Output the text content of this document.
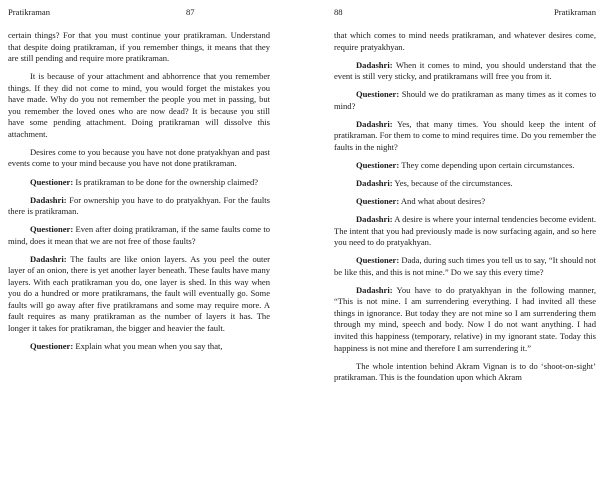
Pratikraman	87

certain things? For that you must continue your pratikraman. Understand that despite doing pratikraman, if you remember things, it means that they are still pending and require more pratikraman.

It is because of your attachment and abhorrence that you remember things. If they did not come to mind, you would forget the mistakes you have made. Why do you not remember the people you met in passing, but you remember the loved ones who are now dead? It is because you still have some pending attachment. Doing pratikraman will dissolve this attachment.

Desires come to you because you have not done pratyakhyan and past events come to your mind because you have not done pratikraman.

Questioner: Is pratikraman to be done for the ownership claimed?

Dadashri: For ownership you have to do pratyakhyan. For the faults there is pratikraman.

Questioner: Even after doing pratikraman, if the same faults come to mind, does it mean that we are not free of those faults?

Dadashri: The faults are like onion layers. As you peel the outer layer of an onion, there is yet another layer beneath. These faults have many layers. With each pratikraman you do, one layer is shed. In this way when you do a hundred or more pratikramans, the fault will eventually go. Some faults will go away after five pratikramans and some may require more. A fault requires as many pratikraman as the number of layers it has. The longer it takes for pratikraman, the bigger and heavier the fault.

Questioner: Explain what you mean when you say that,

88	Pratikraman

that which comes to mind needs pratikraman, and whatever desires come, require pratyakhyan.

Dadashri: When it comes to mind, you should understand that the event is still very sticky, and pratikramans will free you from it.

Questioner: Should we do pratikraman as many times as it comes to mind?

Dadashri: Yes, that many times. You should keep the intent of pratikraman. For them to come to mind requires time. Do you remember the faults in the night?

Questioner: They come depending upon certain circumstances.

Dadashri: Yes, because of the circumstances.

Questioner: And what about desires?

Dadashri: A desire is where your internal tendencies become evident. The intent that you had previously made is now surfacing again, and so here you need to do pratyakhyan.

Questioner: Dada, during such times you tell us to say, “It should not be like this, and this is not mine.” Do we say this every time?

Dadashri: You have to do pratyakhyan in the following manner, “This is not mine. I am surrendering everything. I had invited all these things in ignorance. But today they are not mine so I am surrendering them through my mind, speech and body. Now I do not want anything. I had invited this happiness (temporary, relative) in my ignorant state. Today this happiness is not mine and therefore I am surrendering it.”

The whole intention behind Akram Vignan is to do ‘shoot-on-sight’ pratikraman. This is the foundation upon which Akram
